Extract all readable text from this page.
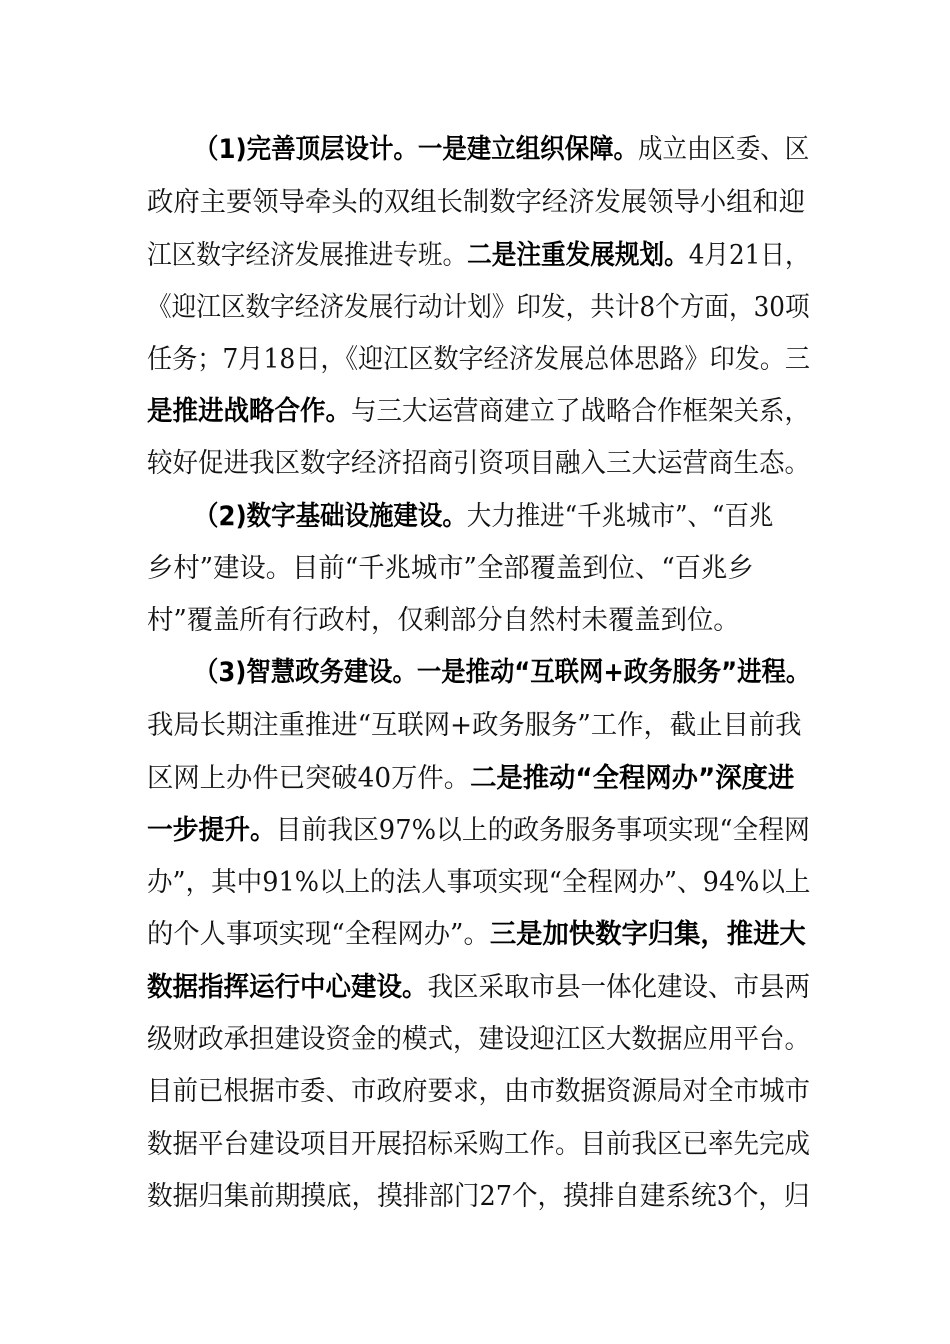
（1)完善顶层设计。一是建立组织保障。成立由区委、区
政府主要领导牵头的双组长制数字经济发展领导小组和迎
江区数字经济发展推进专班。二是注重发展规划。4月21日，
《迎江区数字经济发展行动计划》印发，共计8个方面，30项
任务；7月18日，《迎江区数字经济发展总体思路》印发。三
是推进战略合作。与三大运营商建立了战略合作框架关系，
较好促进我区数字经济招商引资项目融入三大运营商生态。
（2)数字基础设施建设。大力推进“千兆城市”、“百兆
乡村”建设。目前“千兆城市”全部覆盖到位、“百兆乡
村”覆盖所有行政村，仅剩部分自然村未覆盖到位。
（3)智慧政务建设。一是推动“互联网+政务服务”进程。
我局长期注重推进“互联网+政务服务”工作，截止目前我
区网上办件已突破40万件。二是推动“全程网办”深度进
一步提升。目前我区97%以上的政务服务事项实现“全程网
办”，其中91%以上的法人事项实现“全程网办”、94%以上
的个人事项实现“全程网办”。三是加快数字归集，推进大
数据指挥运行中心建设。我区采取市县一体化建设、市县两
级财政承担建设资金的模式，建设迎江区大数据应用平台。
目前已根据市委、市政府要求，由市数据资源局对全市城市
数据平台建设项目开展招标采购工作。目前我区已率先完成
数据归集前期摸底，摸排部门27个，摸排自建系统3个，归
